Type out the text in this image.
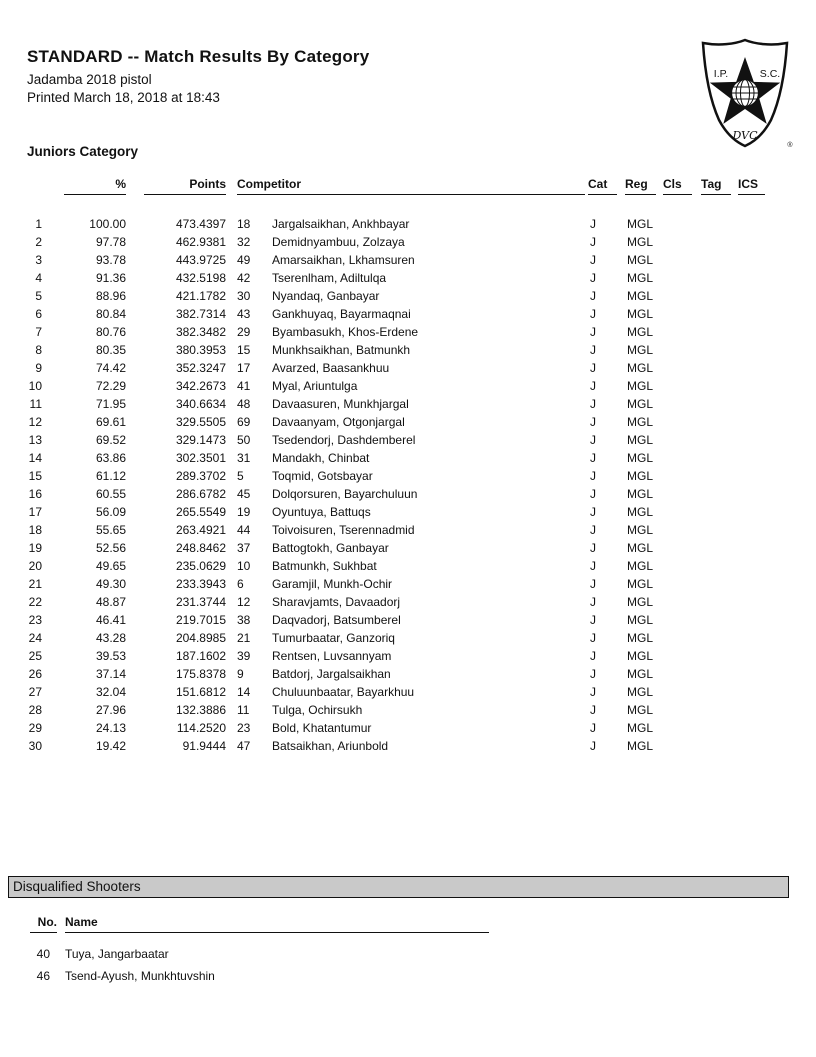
STANDARD -- Match Results By Category
Jadamba 2018 pistol
Printed March 18, 2018 at 18:43
I.P.	S.C.
DVC
®
Juniors Category
%	Points Competitor	Cat	Reg	Cls	Tag	ICS
1	100.00	473.4397 18	Jargalsaikhan, Ankhbayar	J	MGL
2	97.78	462.9381 32	Demidnyambuu, Zolzaya	J	MGL
3	93.78	443.9725 49	Amarsaikhan, Lkhamsuren	J	MGL
4	91.36	432.5198 42	Tserenlham, Adiltulqa	J	MGL
5	88.96	421.1782 30	Nyandaq, Ganbayar	J	MGL
6	80.84	382.7314 43	Gankhuyaq, Bayarmaqnai	J	MGL
7	80.76	382.3482 29	Byambasukh, Khos-Erdene	J	MGL
8	80.35	380.3953 15	Munkhsaikhan, Batmunkh	J	MGL
9	74.42	352.3247 17	Avarzed, Baasankhuu	J	MGL
10	72.29	342.2673 41	Myal, Ariuntulga	J	MGL
11	71.95	340.6634 48	Davaasuren, Munkhjargal	J	MGL
12	69.61	329.5505 69	Davaanyam, Otgonjargal	J	MGL
13	69.52	329.1473 50	Tsedendorj, Dashdemberel	J	MGL
14	63.86	302.3501 31	Mandakh, Chinbat	J	MGL
15	61.12	289.3702 5	Toqmid, Gotsbayar	J	MGL
16	60.55	286.6782 45	Dolqorsuren, Bayarchuluun	J	MGL
17	56.09	265.5549 19	Oyuntuya, Battuqs	J	MGL
18	55.65	263.4921 44	Toivoisuren, Tserennadmid	J	MGL
19	52.56	248.8462 37	Battogtokh, Ganbayar	J	MGL
20	49.65	235.0629 10	Batmunkh, Sukhbat	J	MGL
21	49.30	233.3943 6	Garamjil, Munkh-Ochir	J	MGL
22	48.87	231.3744 12	Sharavjamts, Davaadorj	J	MGL
23	46.41	219.7015 38	Daqvadorj, Batsumberel	J	MGL
24	43.28	204.8985 21	Tumurbaatar, Ganzoriq	J	MGL
25	39.53	187.1602 39	Rentsen, Luvsannyam	J	MGL
26	37.14	175.8378 9	Batdorj, Jargalsaikhan	J	MGL
27	32.04	151.6812 14	Chuluunbaatar, Bayarkhuu	J	MGL
28	27.96	132.3886 11	Tulga, Ochirsukh	J	MGL
29	24.13	114.2520 23	Bold, Khatantumur	J	MGL
30	19.42	91.9444 47	Batsaikhan, Ariunbold	J	MGL
Disqualified Shooters
No. Name
40	Tuya, Jangarbaatar
46	Tsend-Ayush, Munkhtuvshin
